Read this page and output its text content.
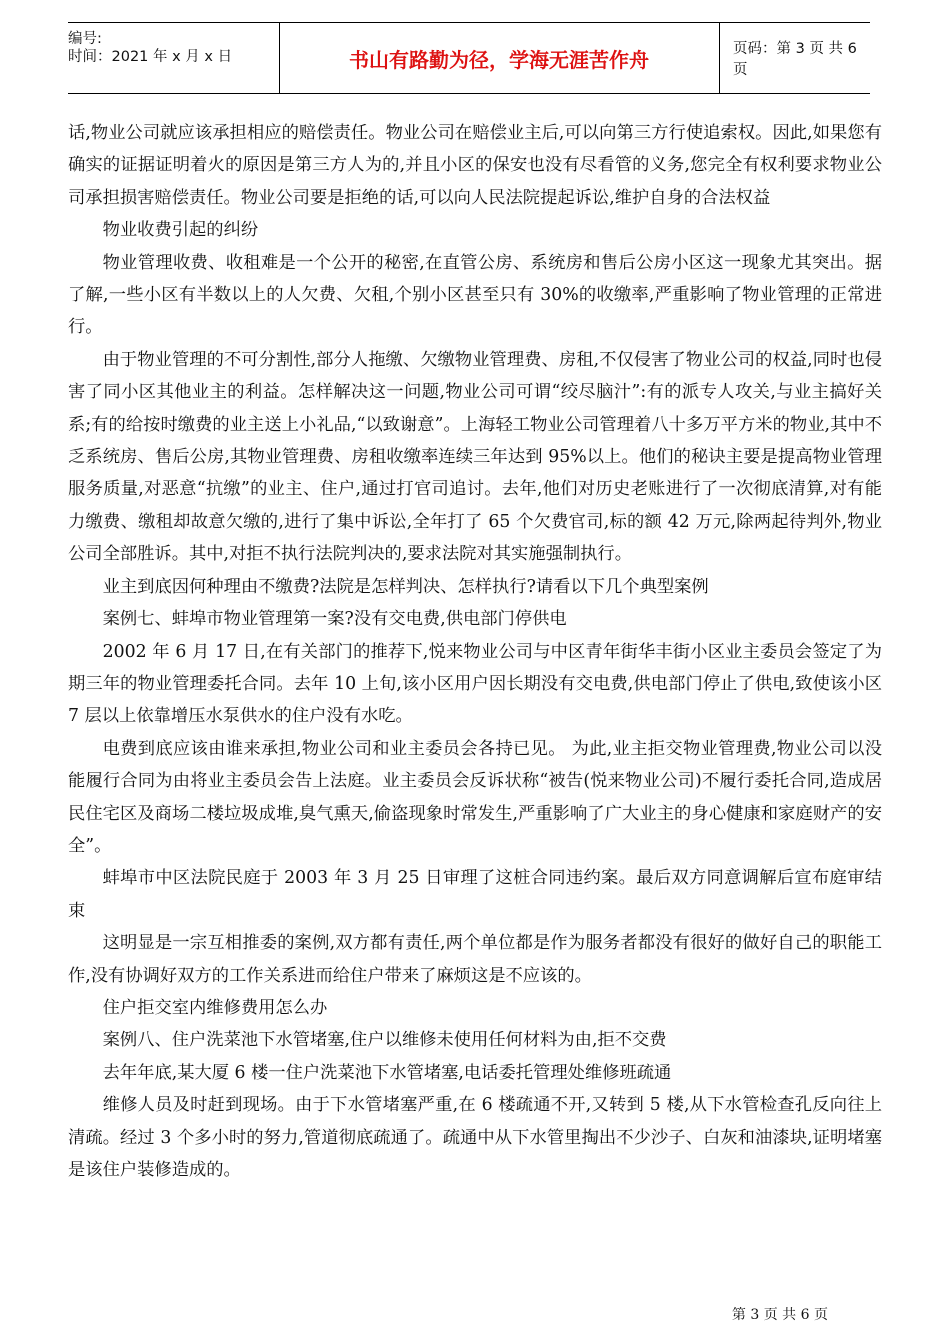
编号:
时间：2021 年 x 月 x 日	书山有路勤为径，学海无涯苦作舟	页码：第 3 页 共 6 页

话,物业公司就应该承担相应的赔偿责任。物业公司在赔偿业主后,可以向第三方行使追索权。因此,如果您有确实的证据证明着火的原因是第三方人为的,并且小区的保安也没有尽看管的义务,您完全有权利要求物业公司承担损害赔偿责任。物业公司要是拒绝的话,可以向人民法院提起诉讼,维护自身的合法权益

物业收费引起的纠纷

物业管理收费、收租难是一个公开的秘密,在直管公房、系统房和售后公房小区这一现象尤其突出。据了解,一些小区有半数以上的人欠费、欠租,个别小区甚至只有 30%的收缴率,严重影响了物业管理的正常进行。

由于物业管理的不可分割性,部分人拖缴、欠缴物业管理费、房租,不仅侵害了物业公司的权益,同时也侵害了同小区其他业主的利益。怎样解决这一问题,物业公司可谓“绞尽脑汁”:有的派专人攻关,与业主搞好关系;有的给按时缴费的业主送上小礼品,“以致谢意”。上海轻工物业公司管理着八十多万平方米的物业,其中不乏系统房、售后公房,其物业管理费、房租收缴率连续三年达到 95%以上。他们的秘诀主要是提高物业管理服务质量,对恶意“抗缴”的业主、住户,通过打官司追讨。去年,他们对历史老账进行了一次彻底清算,对有能力缴费、缴租却故意欠缴的,进行了集中诉讼,全年打了 65 个欠费官司,标的额 42 万元,除两起待判外,物业公司全部胜诉。其中,对拒不执行法院判决的,要求法院对其实施强制执行。

业主到底因何种理由不缴费?法院是怎样判决、怎样执行?请看以下几个典型案例

案例七、蚌埠市物业管理第一案?没有交电费,供电部门停供电

2002 年 6 月 17 日,在有关部门的推荐下,悦来物业公司与中区青年街华丰街小区业主委员会签定了为期三年的物业管理委托合同。去年 10 上旬,该小区用户因长期没有交电费,供电部门停止了供电,致使该小区 7 层以上依靠增压水泵供水的住户没有水吃。

电费到底应该由谁来承担,物业公司和业主委员会各持已见。 为此,业主拒交物业管理费,物业公司以没能履行合同为由将业主委员会告上法庭。业主委员会反诉状称“被告(悦来物业公司)不履行委托合同,造成居民住宅区及商场二楼垃圾成堆,臭气熏天,偷盗现象时常发生,严重影响了广大业主的身心健康和家庭财产的安全”。

蚌埠市中区法院民庭于 2003 年 3 月 25 日审理了这桩合同违约案。最后双方同意调解后宣布庭审结束

这明显是一宗互相推委的案例,双方都有责任,两个单位都是作为服务者都没有很好的做好自己的职能工作,没有协调好双方的工作关系进而给住户带来了麻烦这是不应该的。

住户拒交室内维修费用怎么办

案例八、住户洗菜池下水管堵塞,住户以维修未使用任何材料为由,拒不交费

去年年底,某大厦 6 楼一住户洗菜池下水管堵塞,电话委托管理处维修班疏通

维修人员及时赶到现场。由于下水管堵塞严重,在 6 楼疏通不开,又转到 5 楼,从下水管检查孔反向往上清疏。经过 3 个多小时的努力,管道彻底疏通了。疏通中从下水管里掏出不少沙子、白灰和油漆块,证明堵塞是该住户装修造成的。

第 3 页 共 6 页
